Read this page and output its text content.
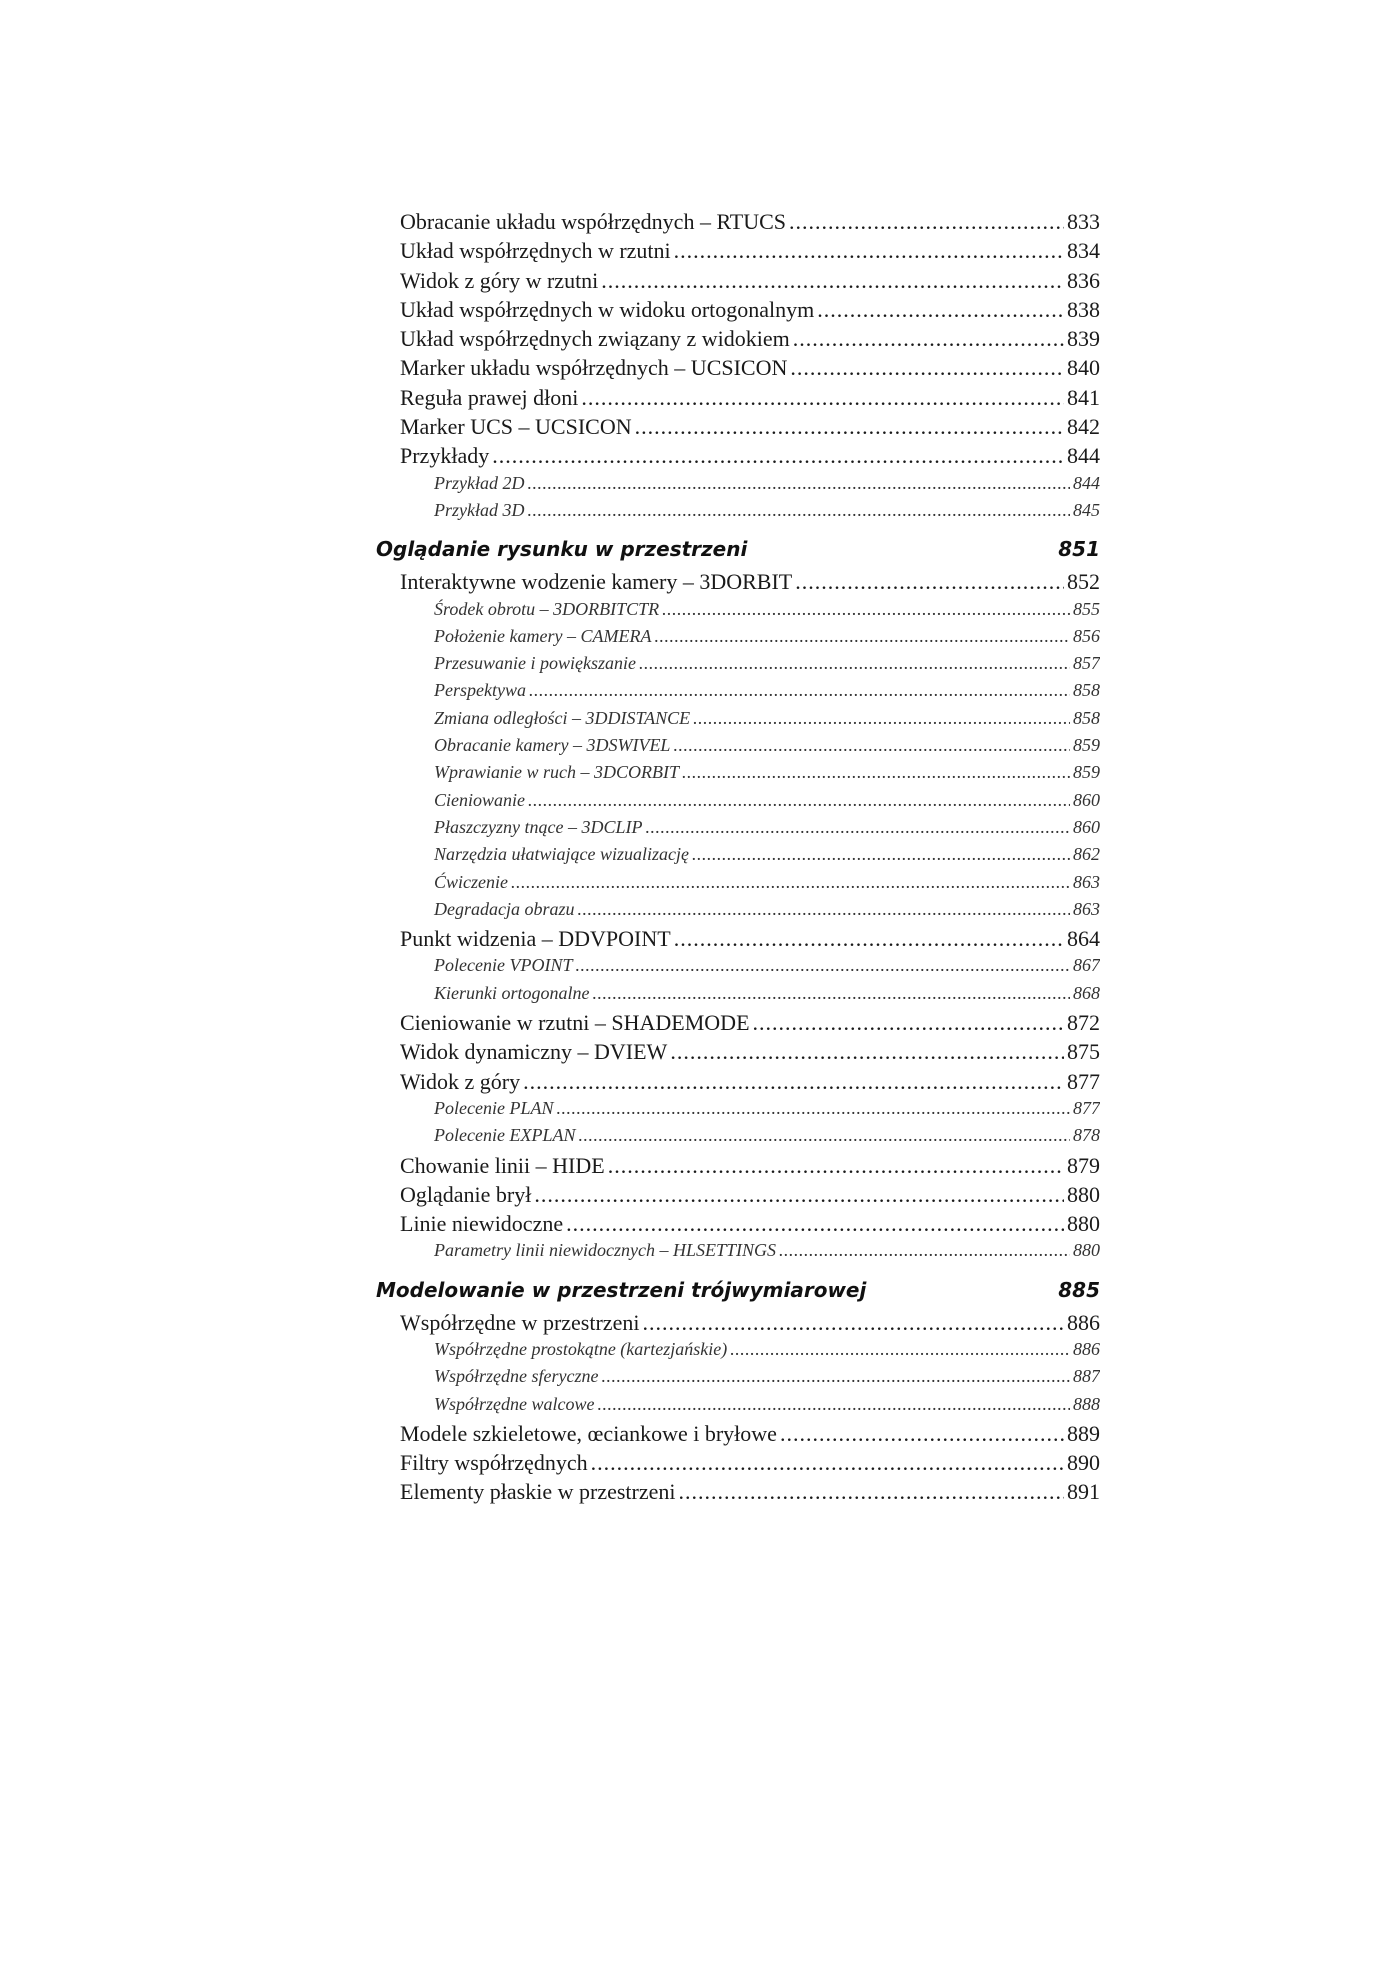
Obracanie układu współrzędnych – RTUCS .....	833
Układ współrzędnych w rzutni .....	834
Widok z góry w rzutni .....	836
Układ współrzędnych w widoku ortogonalnym .....	838
Układ współrzędnych związany z widokiem .....	839
Marker układu współrzędnych – UCSICON .....	840
Reguła prawej dłoni .....	841
Marker UCS – UCSICON .....	842
Przykłady .....	844
Przykład 2D .....	844
Przykład 3D .....	845
Oglądanie rysunku w przestrzeni	851
Interaktywne wodzenie kamery – 3DORBIT .....	852
Środek obrotu – 3DORBITCTR .....	855
Położenie kamery – CAMERA .....	856
Przesuwanie i powiększanie .....	857
Perspektywa .....	858
Zmiana odległości – 3DDISTANCE .....	858
Obracanie kamery – 3DSWIVEL .....	859
Wprawianie w ruch – 3DCORBIT .....	859
Cieniowanie .....	860
Płaszczyzny tnące – 3DCLIP .....	860
Narzędzia ułatwiające wizualizację .....	862
Ćwiczenie .....	863
Degradacja obrazu .....	863
Punkt widzenia – DDVPOINT .....	864
Polecenie VPOINT .....	867
Kierunki ortogonalne .....	868
Cieniowanie w rzutni – SHADEMODE .....	872
Widok dynamiczny – DVIEW .....	875
Widok z góry .....	877
Polecenie PLAN .....	877
Polecenie EXPLAN .....	878
Chowanie linii – HIDE .....	879
Oglądanie brył .....	880
Linie niewidoczne .....	880
Parametry linii niewidocznych – HLSETTINGS .....	880
Modelowanie w przestrzeni trójwymiarowej	885
Współrzędne w przestrzeni .....	886
Współrzędne prostokątne (kartezjańskie) .....	886
Współrzędne sferyczne .....	887
Współrzędne walcowe .....	888
Modele szkieletowe, œciankowe i bryłowe .....	889
Filtry współrzędnych .....	890
Elementy płaskie w przestrzeni .....	891
